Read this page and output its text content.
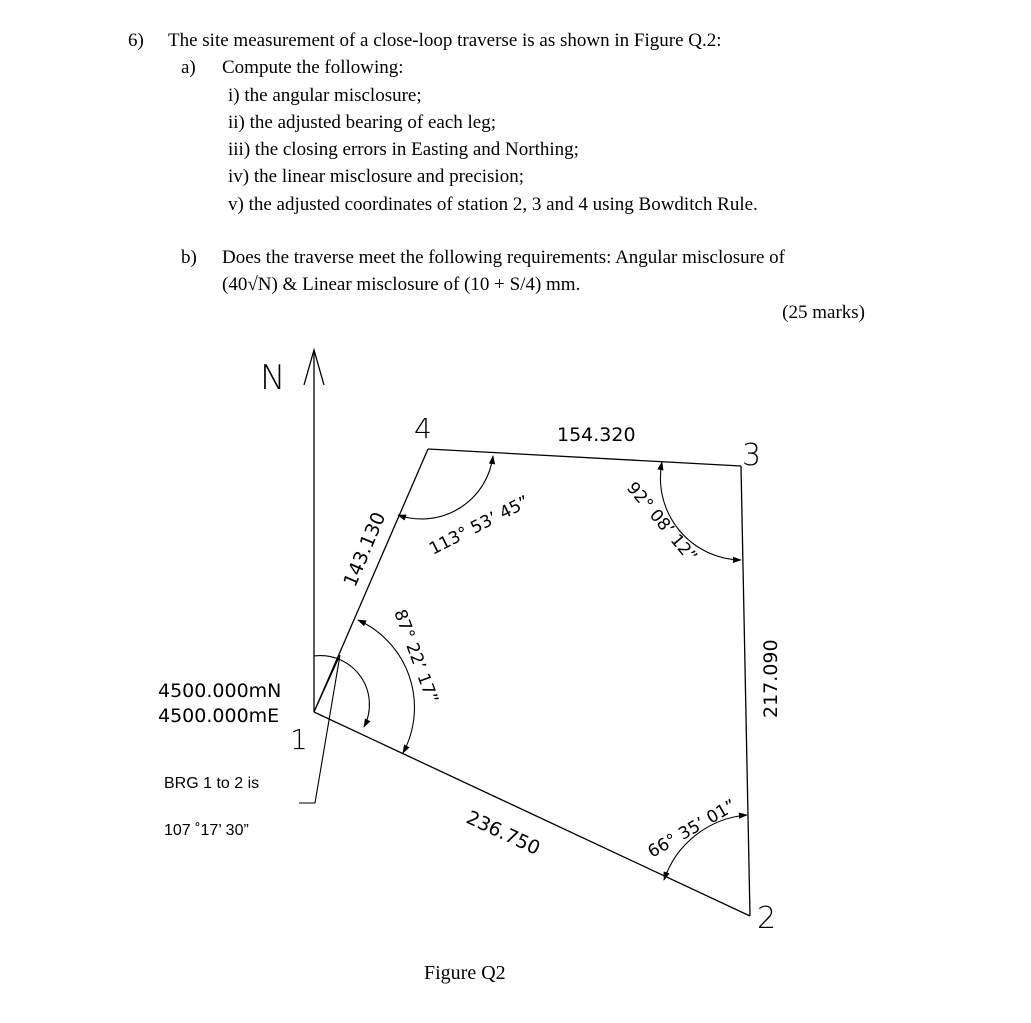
6) The site measurement of a close-loop traverse is as shown in Figure Q.2:
a) Compute the following:
i) the angular misclosure;
ii) the adjusted bearing of each leg;
iii) the closing errors in Easting and Northing;
iv) the linear misclosure and precision;
v) the adjusted coordinates of station 2, 3 and 4 using Bowditch Rule.
b) Does the traverse meet the following requirements: Angular misclosure of
(40√N) & Linear misclosure of (10 + S/4) mm.
(25 marks)
N
1
2
3
4	154.320
217.090
143.130
236.750
87° 22’ 17”
113° 53’ 45”	92° 08’ 12”
66° 35’ 01”
4500.000mN
4500.000mE
BRG 1 to 2 is
107 ˚17’ 30”
Figure Q2
